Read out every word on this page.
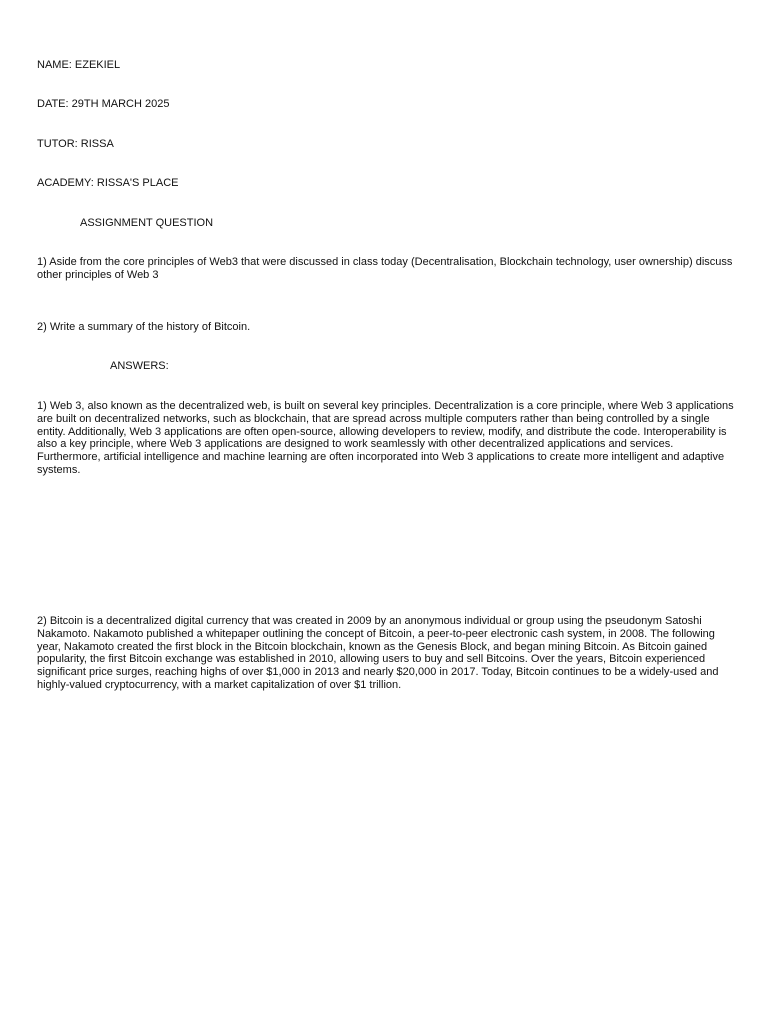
NAME: EZEKIEL

DATE: 29TH MARCH 2025

TUTOR: RISSA

ACADEMY: RISSA'S PLACE

ASSIGNMENT QUESTION

1) Aside from the core principles of Web3 that were discussed in class today (Decentralisation, Blockchain technology, user ownership) discuss
other principles of Web 3

2) Write a summary of the history of Bitcoin.

ANSWERS:

1) Web 3, also known as the decentralized web, is built on several key principles. Decentralization is a core principle, where Web 3 applications
are built on decentralized networks, such as blockchain, that are spread across multiple computers rather than being controlled by a single
entity. Additionally, Web 3 applications are often open-source, allowing developers to review, modify, and distribute the code. Interoperability is
also a key principle, where Web 3 applications are designed to work seamlessly with other decentralized applications and services.
Furthermore, artificial intelligence and machine learning are often incorporated into Web 3 applications to create more intelligent and adaptive
systems.

2) Bitcoin is a decentralized digital currency that was created in 2009 by an anonymous individual or group using the pseudonym Satoshi
Nakamoto. Nakamoto published a whitepaper outlining the concept of Bitcoin, a peer-to-peer electronic cash system, in 2008. The following
year, Nakamoto created the first block in the Bitcoin blockchain, known as the Genesis Block, and began mining Bitcoin. As Bitcoin gained
popularity, the first Bitcoin exchange was established in 2010, allowing users to buy and sell Bitcoins. Over the years, Bitcoin experienced
significant price surges, reaching highs of over $1,000 in 2013 and nearly $20,000 in 2017. Today, Bitcoin continues to be a widely-used and
highly-valued cryptocurrency, with a market capitalization of over $1 trillion.
